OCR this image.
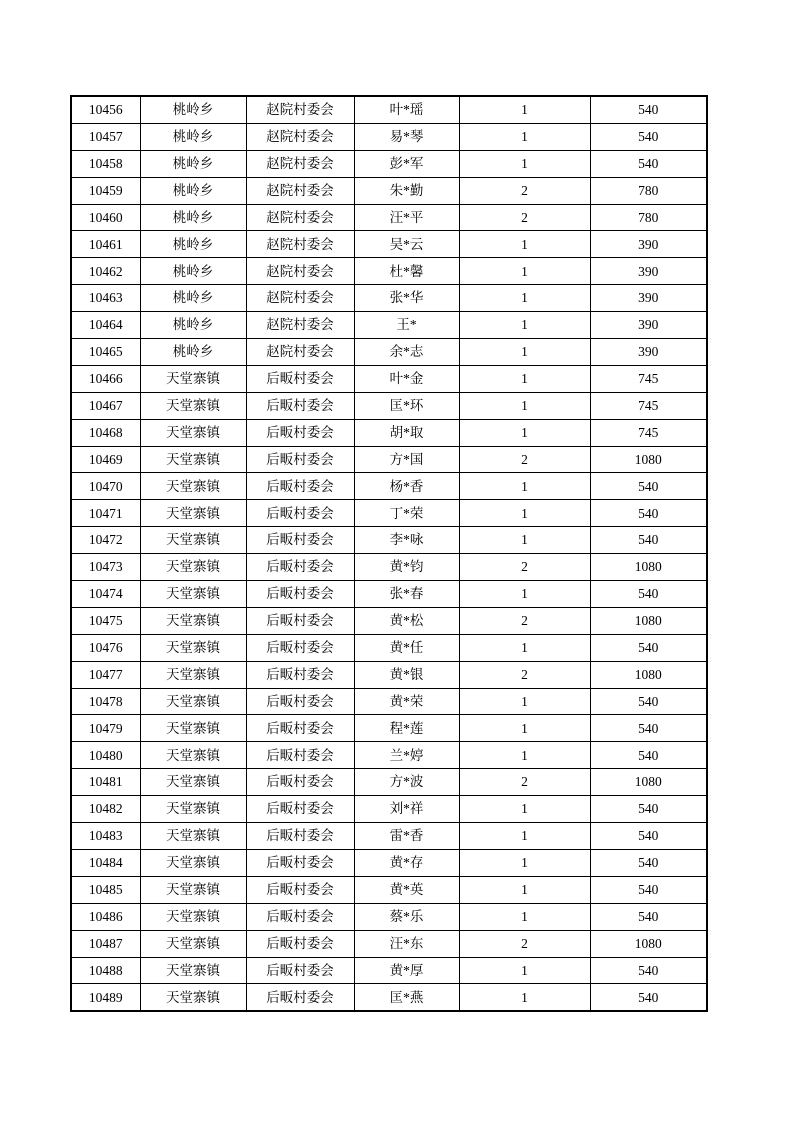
10456	桃岭乡	赵院村委会	叶*瑶	1	540
10457	桃岭乡	赵院村委会	易*琴	1	540
10458	桃岭乡	赵院村委会	彭*军	1	540
10459	桃岭乡	赵院村委会	朱*勤	2	780
10460	桃岭乡	赵院村委会	汪*平	2	780
10461	桃岭乡	赵院村委会	吴*云	1	390
10462	桃岭乡	赵院村委会	杜*馨	1	390
10463	桃岭乡	赵院村委会	张*华	1	390
10464	桃岭乡	赵院村委会	王*	1	390
10465	桃岭乡	赵院村委会	余*志	1	390
10466	天堂寨镇	后畈村委会	叶*金	1	745
10467	天堂寨镇	后畈村委会	匡*环	1	745
10468	天堂寨镇	后畈村委会	胡*取	1	745
10469	天堂寨镇	后畈村委会	方*国	2	1080
10470	天堂寨镇	后畈村委会	杨*香	1	540
10471	天堂寨镇	后畈村委会	丁*荣	1	540
10472	天堂寨镇	后畈村委会	李*咏	1	540
10473	天堂寨镇	后畈村委会	黄*钧	2	1080
10474	天堂寨镇	后畈村委会	张*春	1	540
10475	天堂寨镇	后畈村委会	黄*松	2	1080
10476	天堂寨镇	后畈村委会	黄*任	1	540
10477	天堂寨镇	后畈村委会	黄*银	2	1080
10478	天堂寨镇	后畈村委会	黄*荣	1	540
10479	天堂寨镇	后畈村委会	程*莲	1	540
10480	天堂寨镇	后畈村委会	兰*婷	1	540
10481	天堂寨镇	后畈村委会	方*波	2	1080
10482	天堂寨镇	后畈村委会	刘*祥	1	540
10483	天堂寨镇	后畈村委会	雷*香	1	540
10484	天堂寨镇	后畈村委会	黄*存	1	540
10485	天堂寨镇	后畈村委会	黄*英	1	540
10486	天堂寨镇	后畈村委会	蔡*乐	1	540
10487	天堂寨镇	后畈村委会	汪*东	2	1080
10488	天堂寨镇	后畈村委会	黄*厚	1	540
10489	天堂寨镇	后畈村委会	匡*燕	1	540
